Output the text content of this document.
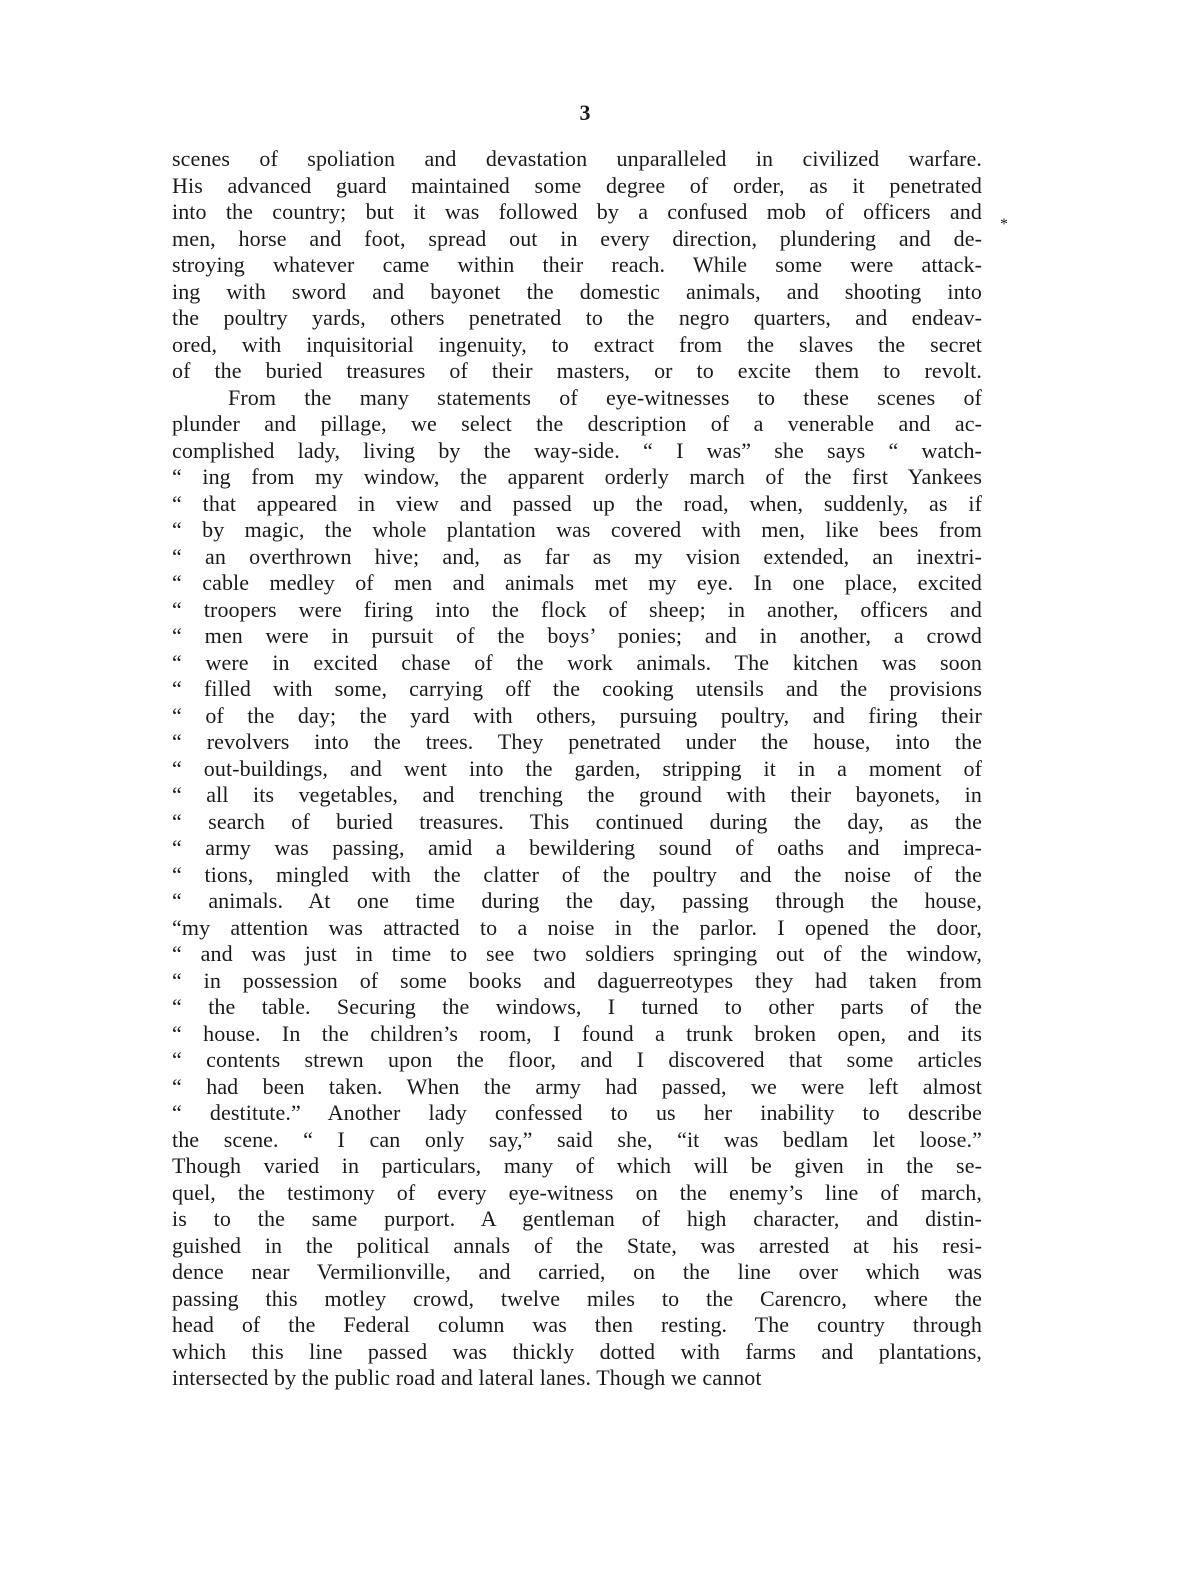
3
*
scenes of spoliation and devastation unparalleled in civilized warfare.
His advanced guard maintained some degree of order, as it penetrated
into the country; but it was followed by a confused mob of officers and
men, horse and foot, spread out in every direction, plundering and de-
stroying whatever came within their reach. While some were attack-
ing with sword and bayonet the domestic animals, and shooting into
the poultry yards, others penetrated to the negro quarters, and endeav-
ored, with inquisitorial ingenuity, to extract from the slaves the secret
of the buried treasures of their masters, or to excite them to revolt.
From the many statements of eye-witnesses to these scenes of
plunder and pillage, we select the description of a venerable and ac-
complished lady, living by the way-side. “ I was” she says “ watch-
“ ing from my window, the apparent orderly march of the first Yankees
“ that appeared in view and passed up the road, when, suddenly, as if
“ by magic, the whole plantation was covered with men, like bees from
“ an overthrown hive; and, as far as my vision extended, an inextri-
“ cable medley of men and animals met my eye. In one place, excited
“ troopers were firing into the flock of sheep; in another, officers and
“ men were in pursuit of the boys’ ponies; and in another, a crowd
“ were in excited chase of the work animals. The kitchen was soon
“ filled with some, carrying off the cooking utensils and the provisions
“ of the day; the yard with others, pursuing poultry, and firing their
“ revolvers into the trees. They penetrated under the house, into the
“ out-buildings, and went into the garden, stripping it in a moment of
“ all its vegetables, and trenching the ground with their bayonets, in
“ search of buried treasures. This continued during the day, as the
“ army was passing, amid a bewildering sound of oaths and impreca-
“ tions, mingled with the clatter of the poultry and the noise of the
“ animals. At one time during the day, passing through the house,
“my attention was attracted to a noise in the parlor. I opened the door,
“ and was just in time to see two soldiers springing out of the window,
“ in possession of some books and daguerreotypes they had taken from
“ the table. Securing the windows, I turned to other parts of the
“ house. In the children’s room, I found a trunk broken open, and its
“ contents strewn upon the floor, and I discovered that some articles
“ had been taken. When the army had passed, we were left almost
“ destitute.” Another lady confessed to us her inability to describe
the scene. “ I can only say,” said she, “it was bedlam let loose.”
Though varied in particulars, many of which will be given in the se-
quel, the testimony of every eye-witness on the enemy’s line of march,
is to the same purport. A gentleman of high character, and distin-
guished in the political annals of the State, was arrested at his resi-
dence near Vermilionville, and carried, on the line over which was
passing this motley crowd, twelve miles to the Carencro, where the
head of the Federal column was then resting. The country through
which this line passed was thickly dotted with farms and plantations,
intersected by the public road and lateral lanes. Though we cannot
